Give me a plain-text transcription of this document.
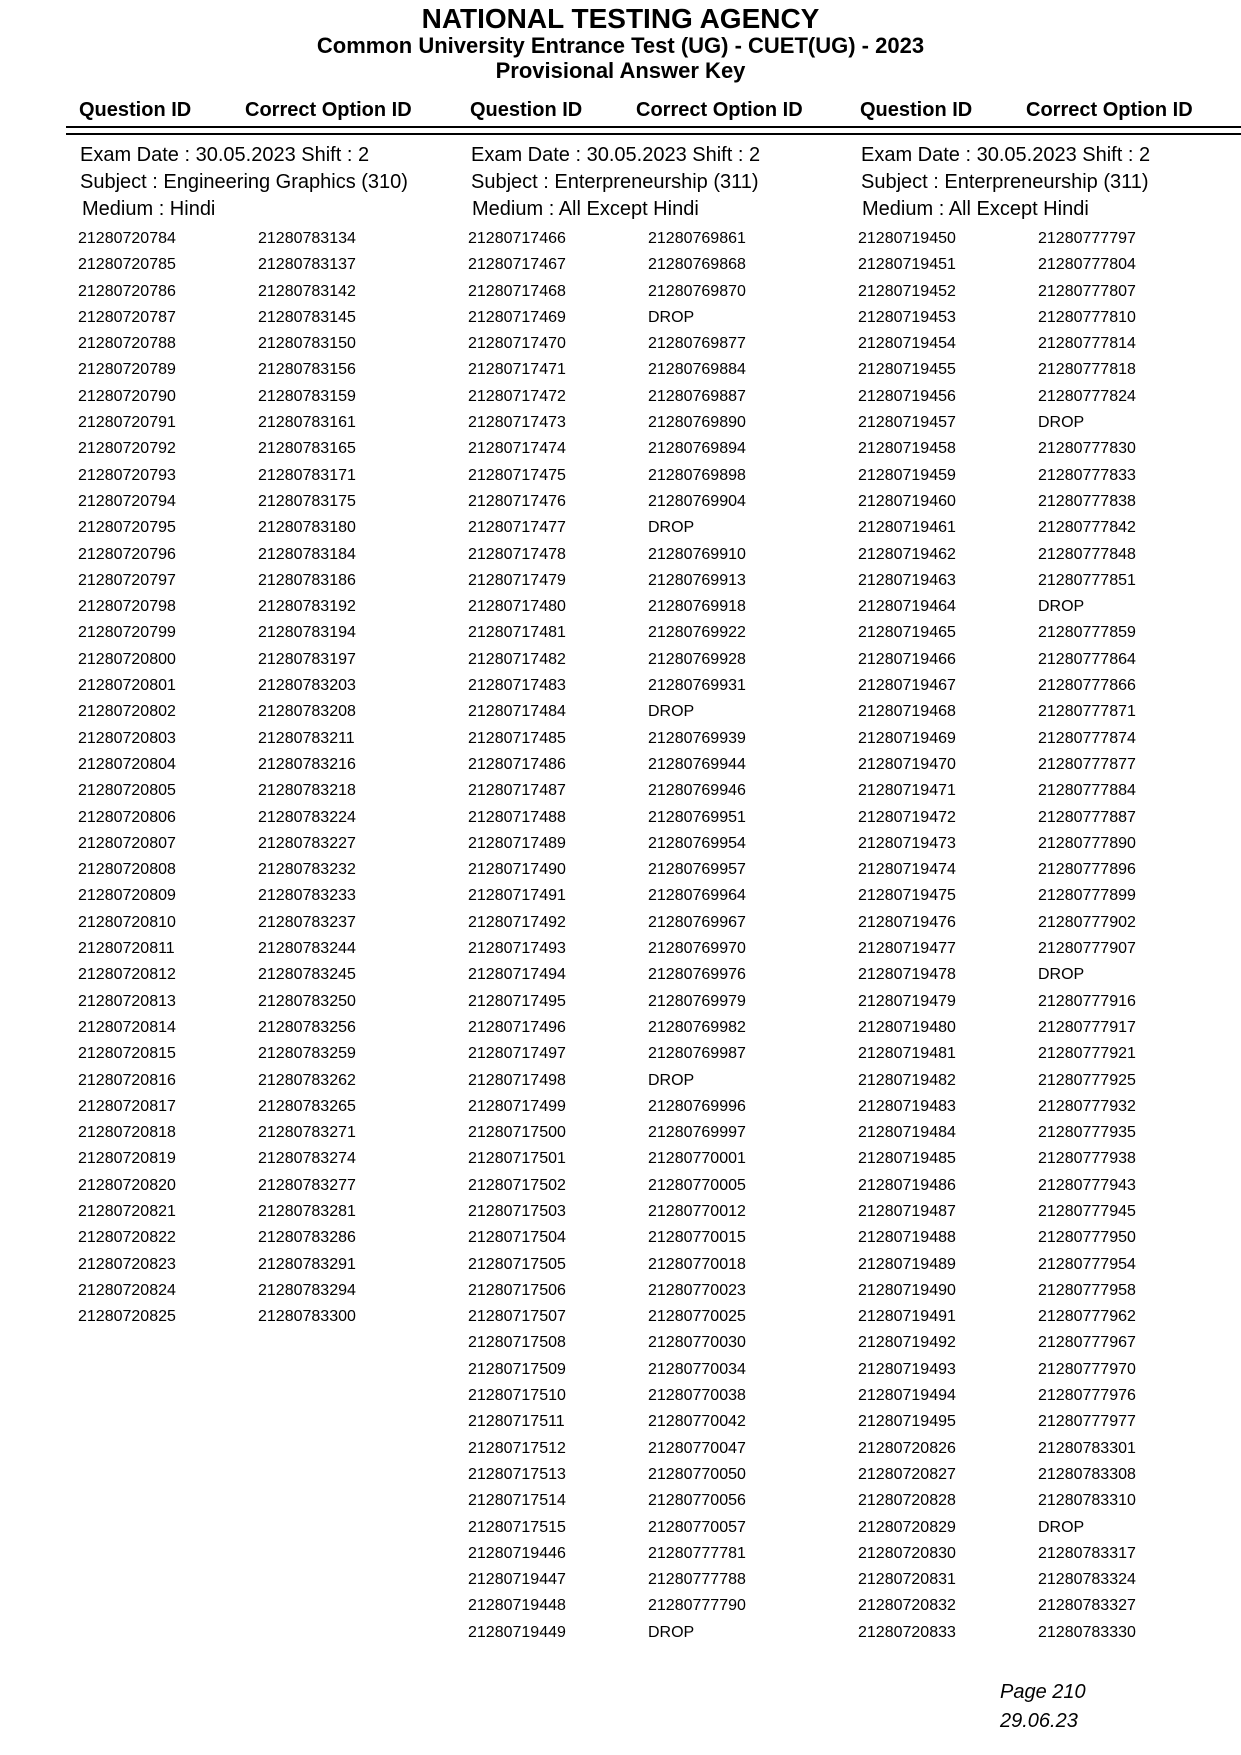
NATIONAL TESTING AGENCY
Common University Entrance Test (UG) - CUET(UG) - 2023
Provisional Answer Key
Question ID	Correct Option ID	Question ID	Correct Option ID	Question ID	Correct Option ID
Exam Date : 30.05.2023 Shift : 2
Subject : Engineering Graphics (310)
Medium : Hindi
21280720784	21280783134
21280720785	21280783137
21280720786	21280783142
21280720787	21280783145
21280720788	21280783150
21280720789	21280783156
21280720790	21280783159
21280720791	21280783161
21280720792	21280783165
21280720793	21280783171
21280720794	21280783175
21280720795	21280783180
21280720796	21280783184
21280720797	21280783186
21280720798	21280783192
21280720799	21280783194
21280720800	21280783197
21280720801	21280783203
21280720802	21280783208
21280720803	21280783211
21280720804	21280783216
21280720805	21280783218
21280720806	21280783224
21280720807	21280783227
21280720808	21280783232
21280720809	21280783233
21280720810	21280783237
21280720811	21280783244
21280720812	21280783245
21280720813	21280783250
21280720814	21280783256
21280720815	21280783259
21280720816	21280783262
21280720817	21280783265
21280720818	21280783271
21280720819	21280783274
21280720820	21280783277
21280720821	21280783281
21280720822	21280783286
21280720823	21280783291
21280720824	21280783294
21280720825	21280783300
Exam Date : 30.05.2023 Shift : 2
Subject : Enterpreneurship (311)
Medium : All Except Hindi
21280717466	21280769861
21280717467	21280769868
21280717468	21280769870
21280717469	DROP
21280717470	21280769877
21280717471	21280769884
21280717472	21280769887
21280717473	21280769890
21280717474	21280769894
21280717475	21280769898
21280717476	21280769904
21280717477	DROP
21280717478	21280769910
21280717479	21280769913
21280717480	21280769918
21280717481	21280769922
21280717482	21280769928
21280717483	21280769931
21280717484	DROP
21280717485	21280769939
21280717486	21280769944
21280717487	21280769946
21280717488	21280769951
21280717489	21280769954
21280717490	21280769957
21280717491	21280769964
21280717492	21280769967
21280717493	21280769970
21280717494	21280769976
21280717495	21280769979
21280717496	21280769982
21280717497	21280769987
21280717498	DROP
21280717499	21280769996
21280717500	21280769997
21280717501	21280770001
21280717502	21280770005
21280717503	21280770012
21280717504	21280770015
21280717505	21280770018
21280717506	21280770023
21280717507	21280770025
21280717508	21280770030
21280717509	21280770034
21280717510	21280770038
21280717511	21280770042
21280717512	21280770047
21280717513	21280770050
21280717514	21280770056
21280717515	21280770057
21280719446	21280777781
21280719447	21280777788
21280719448	21280777790
21280719449	DROP
Exam Date : 30.05.2023 Shift : 2
Subject : Enterpreneurship (311)
Medium : All Except Hindi
21280719450	21280777797
21280719451	21280777804
21280719452	21280777807
21280719453	21280777810
21280719454	21280777814
21280719455	21280777818
21280719456	21280777824
21280719457	DROP
21280719458	21280777830
21280719459	21280777833
21280719460	21280777838
21280719461	21280777842
21280719462	21280777848
21280719463	21280777851
21280719464	DROP
21280719465	21280777859
21280719466	21280777864
21280719467	21280777866
21280719468	21280777871
21280719469	21280777874
21280719470	21280777877
21280719471	21280777884
21280719472	21280777887
21280719473	21280777890
21280719474	21280777896
21280719475	21280777899
21280719476	21280777902
21280719477	21280777907
21280719478	DROP
21280719479	21280777916
21280719480	21280777917
21280719481	21280777921
21280719482	21280777925
21280719483	21280777932
21280719484	21280777935
21280719485	21280777938
21280719486	21280777943
21280719487	21280777945
21280719488	21280777950
21280719489	21280777954
21280719490	21280777958
21280719491	21280777962
21280719492	21280777967
21280719493	21280777970
21280719494	21280777976
21280719495	21280777977
21280720826	21280783301
21280720827	21280783308
21280720828	21280783310
21280720829	DROP
21280720830	21280783317
21280720831	21280783324
21280720832	21280783327
21280720833	21280783330
Page 210
29.06.23
